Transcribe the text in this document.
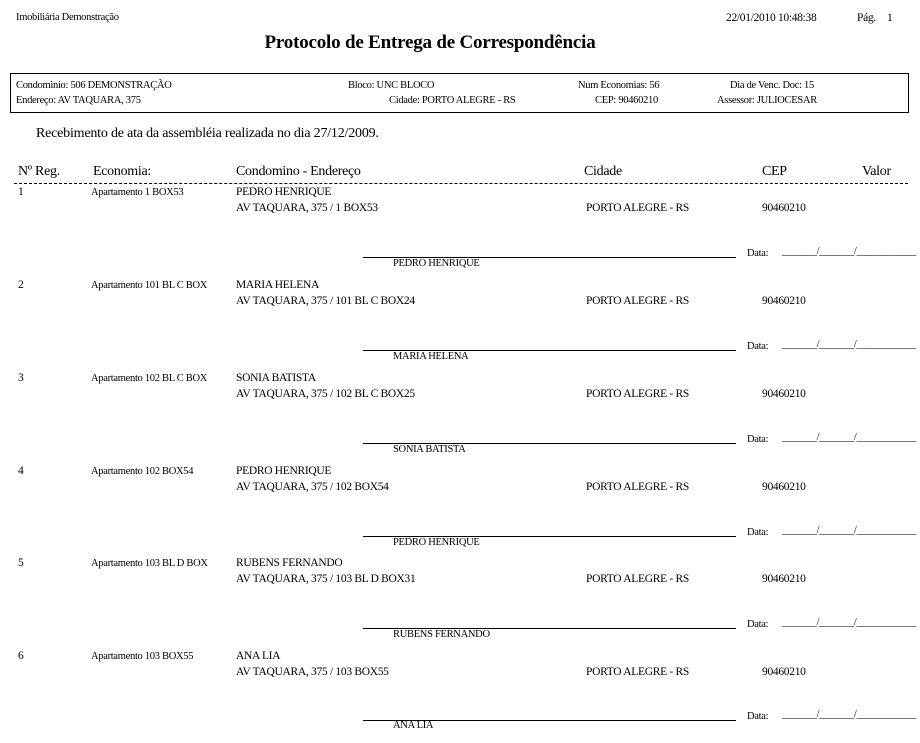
Imobiliária Demonstração	22/01/2010 10:48:38	Pág. 1
Protocolo de Entrega de Correspondência
Condominio: 506 DEMONSTRAÇÃO
Endereço: AV TAQUARA, 375
Bloco: UNC BLOCO
Cidade: PORTO ALEGRE - RS
Num Economias: 56
CEP: 90460210
Dia de Venc. Doc: 15
Assessor: JULIOCESAR
Recebimento de ata da assembléia realizada no dia 27/12/2009.
Nº Reg. Economia:	Condomino - Endereço	Cidade	CEP	Valor
1	Apartamento 1 BOX53	PEDRO HENRIQUE
AV TAQUARA, 375 / 1 BOX53	PORTO ALEGRE - RS	90460210
Data: _______/_______/____________
PEDRO HENRIQUE
2	Apartamento 101 BL C BOX	MARIA HELENA
AV TAQUARA, 375 / 101 BL C BOX24	PORTO ALEGRE - RS	90460210
Data: _______/_______/____________
MARIA HELENA
3	Apartamento 102 BL C BOX	SONIA BATISTA
AV TAQUARA, 375 / 102 BL C BOX25	PORTO ALEGRE - RS	90460210
Data: _______/_______/____________
SONIA BATISTA
4	Apartamento 102 BOX54	PEDRO HENRIQUE
AV TAQUARA, 375 / 102 BOX54	PORTO ALEGRE - RS	90460210
Data: _______/_______/____________
PEDRO HENRIQUE
5	Apartamento 103 BL D BOX	RUBENS FERNANDO
AV TAQUARA, 375 / 103 BL D BOX31	PORTO ALEGRE - RS	90460210
Data: _______/_______/____________
RUBENS FERNANDO
6	Apartamento 103 BOX55	ANA LIA
AV TAQUARA, 375 / 103 BOX55	PORTO ALEGRE - RS	90460210
Data: _______/_______/____________
ANA LIA
